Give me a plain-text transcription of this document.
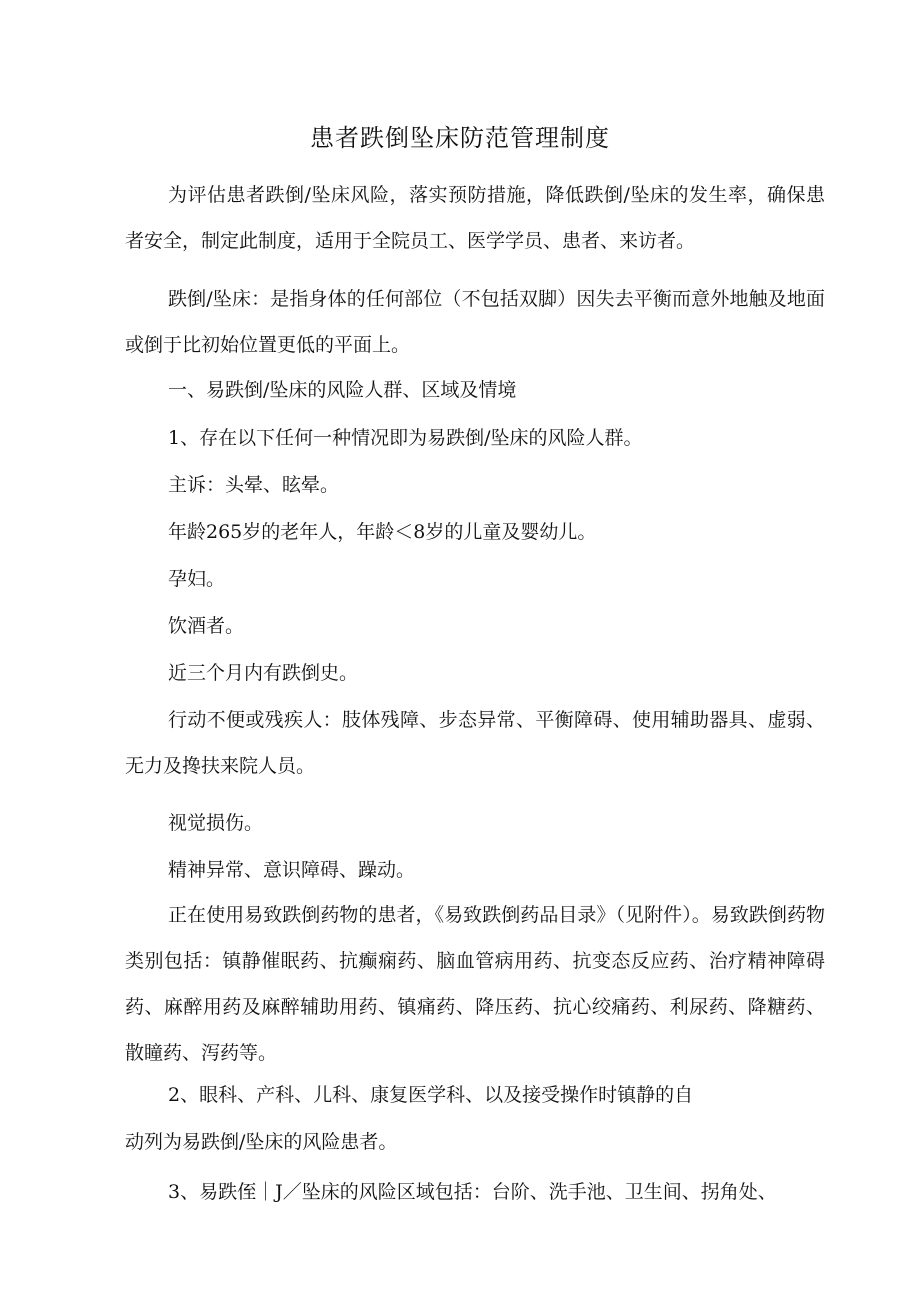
患者跌倒坠床防范管理制度
为评估患者跌倒/坠床风险，落实预防措施，降低跌倒/坠床的发生率，确保患者安全，制定此制度，适用于全院员工、医学学员、患者、来访者。
跌倒/坠床：是指身体的任何部位（不包括双脚）因失去平衡而意外地触及地面或倒于比初始位置更低的平面上。
一、易跌倒/坠床的风险人群、区域及情境
1、存在以下任何一种情况即为易跌倒/坠床的风险人群。
主诉：头晕、眩晕。
年龄265岁的老年人，年龄＜8岁的儿童及婴幼儿。
孕妇。
饮酒者。
近三个月内有跌倒史。
行动不便或残疾人：肢体残障、步态异常、平衡障碍、使用辅助器具、虚弱、无力及搀扶来院人员。
视觉损伤。
精神异常、意识障碍、躁动。
正在使用易致跌倒药物的患者，《易致跌倒药品目录》（见附件）。易致跌倒药物类别包括：镇静催眠药、抗癫痫药、脑血管病用药、抗变态反应药、治疗精神障碍药、麻醉用药及麻醉辅助用药、镇痛药、降压药、抗心绞痛药、利尿药、降糖药、散瞳药、泻药等。
2、眼科、产科、儿科、康复医学科、以及接受操作时镇静的自
动列为易跌倒/坠床的风险患者。
3、易跌侄｜J／坠床的风险区域包括：台阶、洗手池、卫生间、拐角处、
